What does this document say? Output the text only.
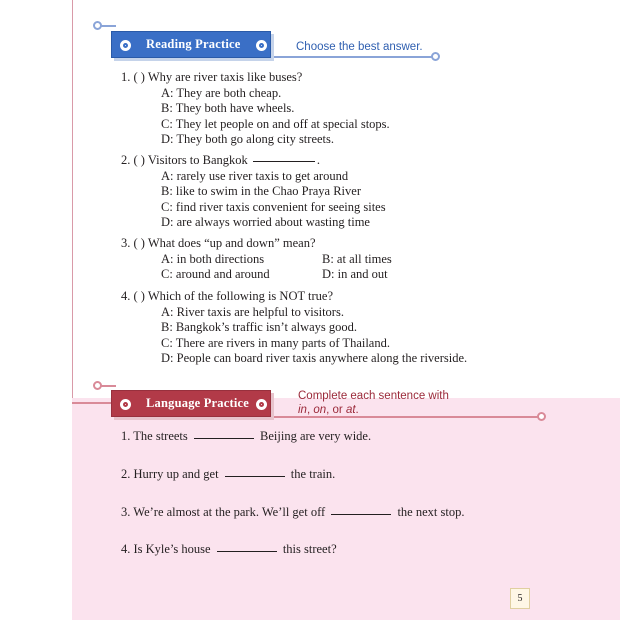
Reading Practice	Choose the best answer.
1. ( ) Why are river taxis like buses?
A: They are both cheap.
B: They both have wheels.
C: They let people on and off at special stops.
D: They both go along city streets.
2. ( ) Visitors to Bangkok	.
A: rarely use river taxis to get around
B: like to swim in the Chao Praya River
C: find river taxis convenient for seeing sites
D: are always worried about wasting time
3. ( ) What does “up and down” mean?
A: in both directions	B: at all times
C: around and around	D: in and out
4. ( ) Which of the following is NOT true?
A: River taxis are helpful to visitors.
B: Bangkok’s traffic isn’t always good.
C: There are rivers in many parts of Thailand.
D: People can board river taxis anywhere along the riverside.
Language Practice	Complete each sentence with
in, on, or at.
1. The streets	Beijing are very wide.
2. Hurry up and get	the train.
3. We’re almost at the park. We’ll get off	the next stop.
4. Is Kyle’s house	this street?
5
